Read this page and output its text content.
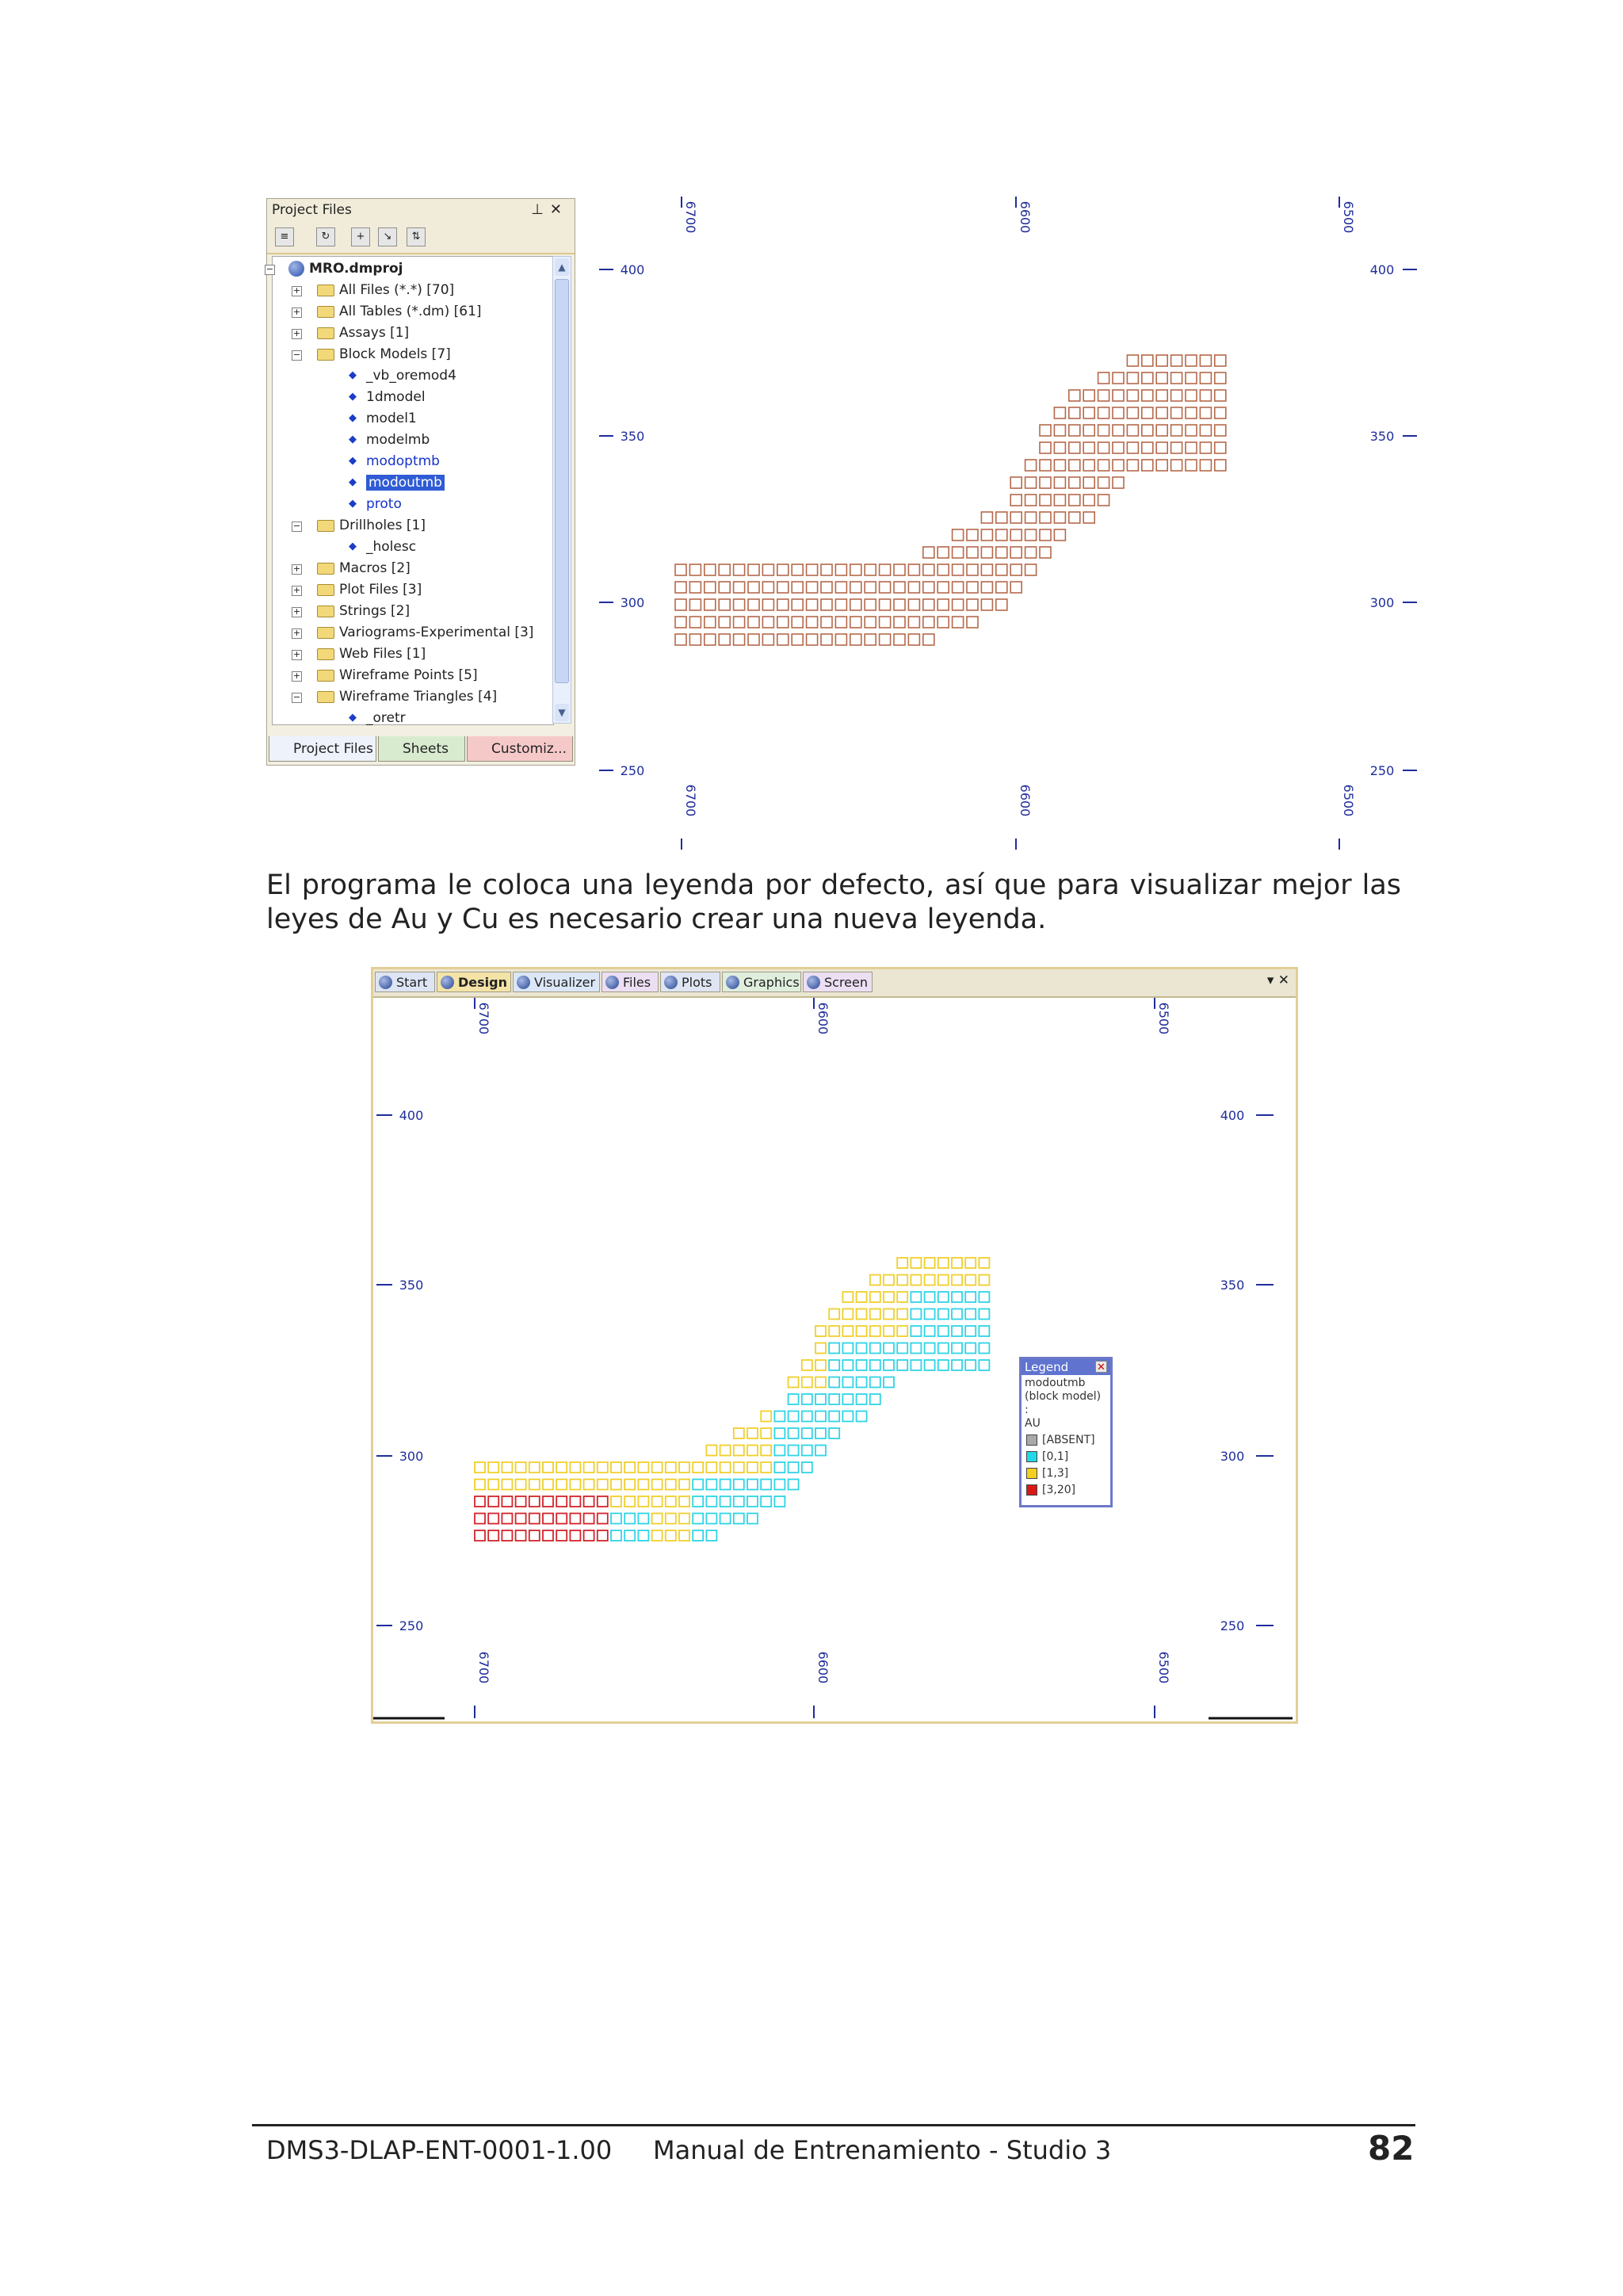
Project Files	⊥✕
≡	↻	+	↘	⇅
−	MRO.dmproj
+	All Files (*.*) [70]
+	All Tables (*.dm) [61]
+	Assays [1]
−	Block Models [7]
◆ _vb_oremod4
◆ 1dmodel
◆ model1
◆ modelmb
◆ modoptmb
◆ modoutmb
◆ proto
−	Drillholes [1]
◆ _holesc
+	Macros [2]
+	Plot Files [3]
+	Strings [2]
+	Variograms-Experimental [3]
+	Web Files [1]
+	Wireframe Points [5]
−	Wireframe Triangles [4]
◆ _oretr
▲
▼
Project Files	Sheets	Customiz...
6700
6700
6600
6600
6500
6500
400	400
350	350
300	300
250	250
El programa le coloca una leyenda por defecto, así que para visualizar mejor las leyes de Au y Cu es necesario crear una nueva leyenda.
Start	Design	Visualizer	Files	Plots	Graphics	Screen	▾ ✕
6700
6700
6600
6600
6500
6500
400	400
350	350
300	300
250	250
Legend	✕
modoutmb
(block model) :
AU
[ABSENT]
[0,1]
[1,3]
[3,20]
DMS3-DLAP-ENT-0001-1.00 Manual de Entrenamiento - Studio 3	82
